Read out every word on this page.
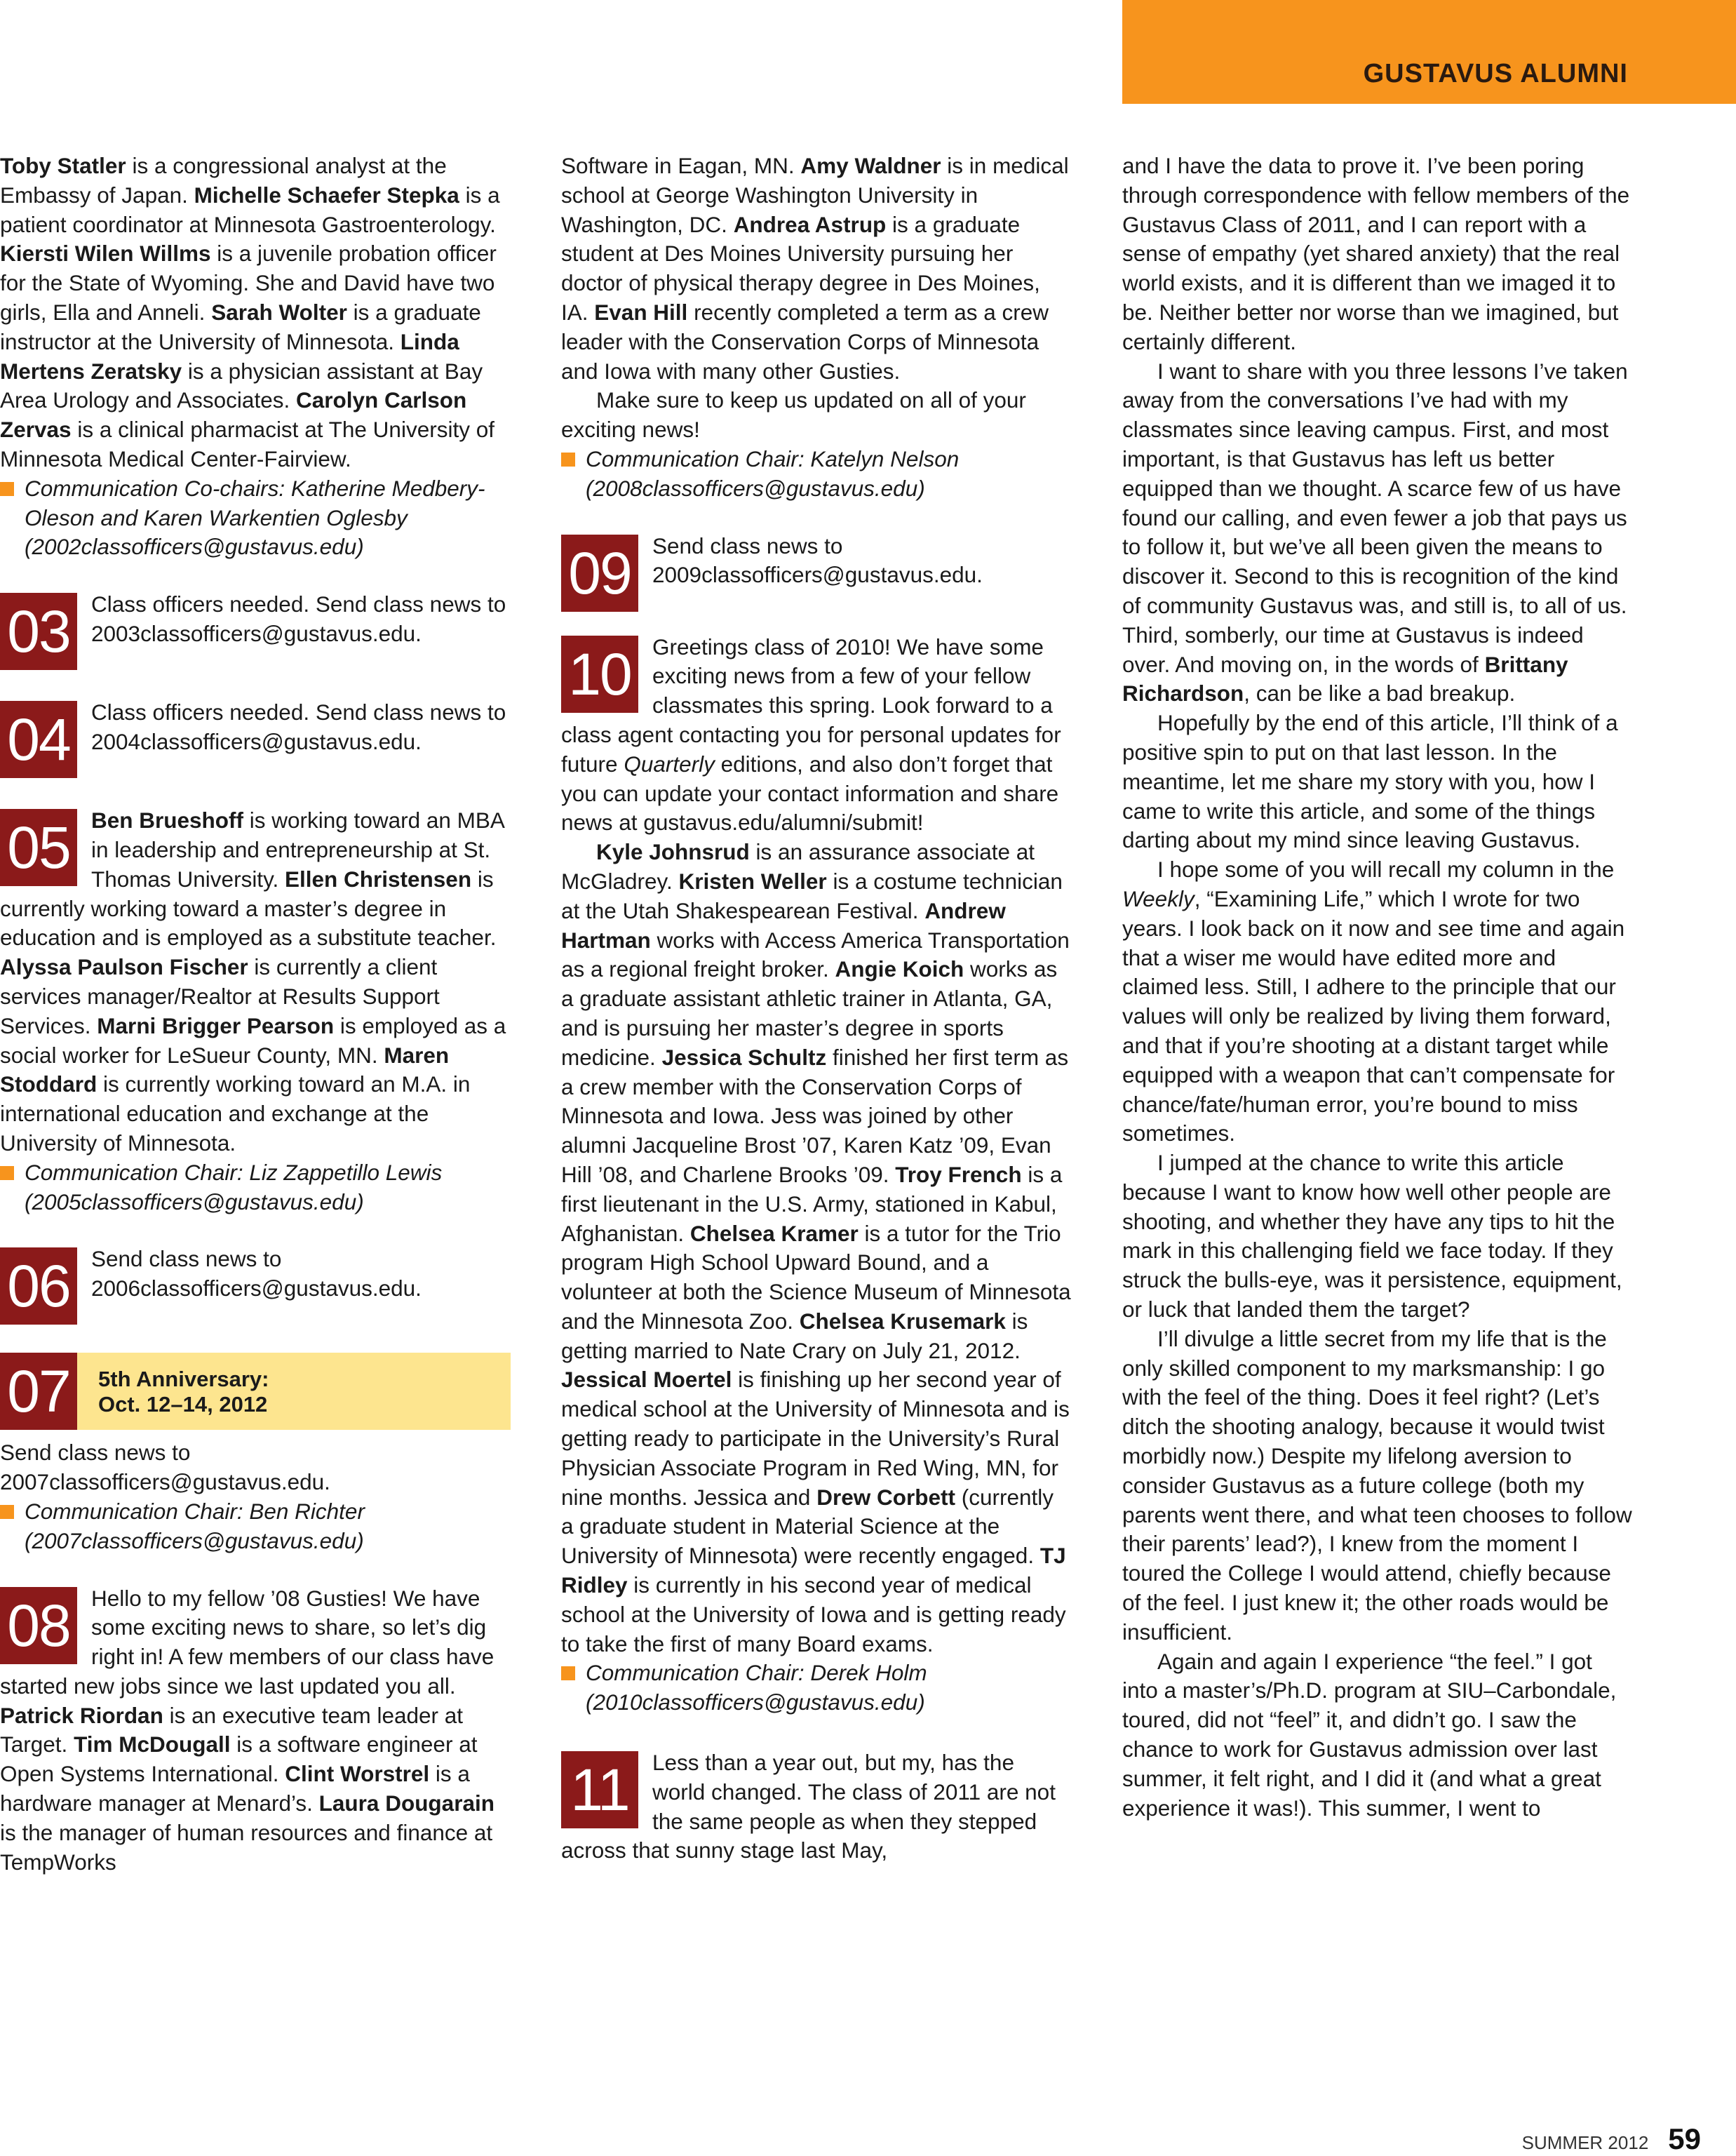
GUSTAVUS ALUMNI

Toby Statler is a congressional analyst at the Embassy of Japan. Michelle Schaefer Stepka is a patient coordinator at Minnesota Gastroenterology. Kiersti Wilen Willms is a juvenile probation officer for the State of Wyoming. She and David have two girls, Ella and Anneli. Sarah Wolter is a graduate instructor at the University of Minnesota. Linda Mertens Zeratsky is a physician assistant at Bay Area Urology and Associates. Carolyn Carlson Zervas is a clinical pharmacist at The University of Minnesota Medical Center-Fairview.

Communication Co-chairs: Katherine Medbery-Oleson and Karen Warkentien Oglesby (2002classofficers@gustavus.edu)

03 Class officers needed. Send class news to 2003classofficers@gustavus.edu.
04 Class officers needed. Send class news to 2004classofficers@gustavus.edu.
05 Ben Brueshoff is working toward an MBA in leadership and entrepreneurship at St. Thomas University. Ellen Christensen is currently working toward a master’s degree in education and is employed as a substitute teacher. Alyssa Paulson Fischer is currently a client services manager/Realtor at Results Support Services. Marni Brigger Pearson is employed as a social worker for LeSueur County, MN. Maren Stoddard is currently working toward an M.A. in international education and exchange at the University of Minnesota.

Communication Chair: Liz Zappetillo Lewis (2005classofficers@gustavus.edu)

06 Send class news to 2006classofficers@gustavus.edu.
07	5th Anniversary:
Oct. 12–14, 2012

Send class news to 2007classofficers@gustavus.edu.

Communication Chair: Ben Richter (2007classofficers@gustavus.edu)

08 Hello to my fellow ’08 Gusties! We have some exciting news to share, so let’s dig right in! A few members of our class have started new jobs since we last updated you all. Patrick Riordan is an executive team leader at Target. Tim McDougall is a software engineer at Open Systems International. Clint Worstrel is a hardware manager at Menard’s. Laura Dougarain is the manager of human resources and finance at TempWorks

Software in Eagan, MN. Amy Waldner is in medical school at George Washington University in Washington, DC. Andrea Astrup is a graduate student at Des Moines University pursuing her doctor of physical therapy degree in Des Moines, IA. Evan Hill recently completed a term as a crew leader with the Conservation Corps of Minnesota and Iowa with many other Gusties.

Make sure to keep us updated on all of your exciting news!

Communication Chair: Katelyn Nelson (2008classofficers@gustavus.edu)

09 Send class news to 2009classofficers@gustavus.edu.
10 Greetings class of 2010! We have some exciting news from a few of your fellow classmates this spring. Look forward to a class agent contacting you for personal updates for future Quarterly editions, and also don’t forget that you can update your contact information and share news at gustavus.edu/alumni/submit!

Kyle Johnsrud is an assurance associate at McGladrey. Kristen Weller is a costume technician at the Utah Shakespearean Festival. Andrew Hartman works with Access America Transportation as a regional freight broker. Angie Koich works as a graduate assistant athletic trainer in Atlanta, GA, and is pursuing her master’s degree in sports medicine. Jessica Schultz finished her first term as a crew member with the Conservation Corps of Minnesota and Iowa. Jess was joined by other alumni Jacqueline Brost ’07, Karen Katz ’09, Evan Hill ’08, and Charlene Brooks ’09. Troy French is a first lieutenant in the U.S. Army, stationed in Kabul, Afghanistan. Chelsea Kramer is a tutor for the Trio program High School Upward Bound, and a volunteer at both the Science Museum of Minnesota and the Minnesota Zoo. Chelsea Krusemark is getting married to Nate Crary on July 21, 2012. Jessical Moertel is finishing up her second year of medical school at the University of Minnesota and is getting ready to participate in the University’s Rural Physician Associate Program in Red Wing, MN, for nine months. Jessica and Drew Corbett (currently a graduate student in Material Science at the University of Minnesota) were recently engaged. TJ Ridley is currently in his second year of medical school at the University of Iowa and is getting ready to take the first of many Board exams.

Communication Chair: Derek Holm (2010classofficers@gustavus.edu)

11	Less than a year out, but my, has the world changed. The class of 2011 are not the same people as when they stepped across that sunny stage last May,

and I have the data to prove it. I’ve been poring through correspondence with fellow members of the Gustavus Class of 2011, and I can report with a sense of empathy (yet shared anxiety) that the real world exists, and it is different than we imaged it to be. Neither better nor worse than we imagined, but certainly different.

I want to share with you three lessons I’ve taken away from the conversations I’ve had with my classmates since leaving campus. First, and most important, is that Gustavus has left us better equipped than we thought. A scarce few of us have found our calling, and even fewer a job that pays us to follow it, but we’ve all been given the means to discover it. Second to this is recognition of the kind of community Gustavus was, and still is, to all of us. Third, somberly, our time at Gustavus is indeed over. And moving on, in the words of Brittany Richardson, can be like a bad breakup.

Hopefully by the end of this article, I’ll think of a positive spin to put on that last lesson. In the meantime, let me share my story with you, how I came to write this article, and some of the things darting about my mind since leaving Gustavus.

I hope some of you will recall my column in the Weekly, “Examining Life,” which I wrote for two years. I look back on it now and see time and again that a wiser me would have edited more and claimed less. Still, I adhere to the principle that our values will only be realized by living them forward, and that if you’re shooting at a distant target while equipped with a weapon that can’t compensate for chance/fate/human error, you’re bound to miss sometimes.

I jumped at the chance to write this article because I want to know how well other people are shooting, and whether they have any tips to hit the mark in this challenging field we face today. If they struck the bulls-eye, was it persistence, equipment, or luck that landed them the target?

I’ll divulge a little secret from my life that is the only skilled component to my marksmanship: I go with the feel of the thing. Does it feel right? (Let’s ditch the shooting analogy, because it would twist morbidly now.) Despite my lifelong aversion to consider Gustavus as a future college (both my parents went there, and what teen chooses to follow their parents’ lead?), I knew from the moment I toured the College I would attend, chiefly because of the feel. I just knew it; the other roads would be insufficient.

Again and again I experience “the feel.” I got into a master’s/Ph.D. program at SIU–Carbondale, toured, did not “feel” it, and didn’t go. I saw the chance to work for Gustavus admission over last summer, it felt right, and I did it (and what a great experience it was!). This summer, I went to

SUMMER 2012 59
